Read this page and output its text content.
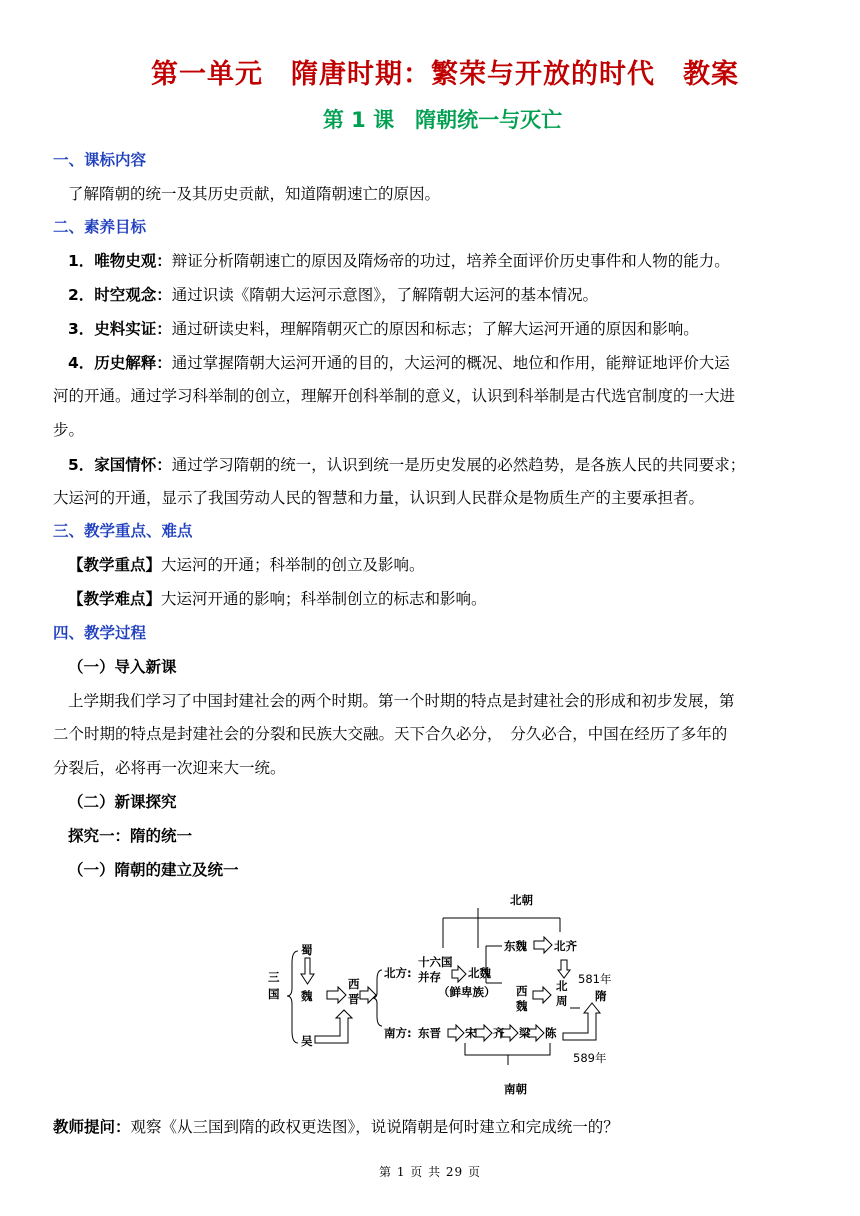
第一单元　隋唐时期：繁荣与开放的时代　教案
第 1 课　隋朝统一与灭亡
一、课标内容
了解隋朝的统一及其历史贡献，知道隋朝速亡的原因。
二、素养目标
1．唯物史观：辩证分析隋朝速亡的原因及隋炀帝的功过，培养全面评价历史事件和人物的能力。
2．时空观念：通过识读《隋朝大运河示意图》，了解隋朝大运河的基本情况。
3．史料实证：通过研读史料，理解隋朝灭亡的原因和标志；了解大运河开通的原因和影响。
4．历史解释：通过掌握隋朝大运河开通的目的，大运河的概况、地位和作用，能辩证地评价大运
河的开通。通过学习科举制的创立，理解开创科举制的意义，认识到科举制是古代选官制度的一大进
步。
5．家国情怀：通过学习隋朝的统一，认识到统一是历史发展的必然趋势，是各族人民的共同要求；
大运河的开通，显示了我国劳动人民的智慧和力量，认识到人民群众是物质生产的主要承担者。
三、教学重点、难点
【教学重点】大运河的开通；科举制的创立及影响。
【教学难点】大运河开通的影响；科举制创立的标志和影响。
四、教学过程
（一）导入新课
上学期我们学习了中国封建社会的两个时期。第一个时期的特点是封建社会的形成和初步发展，第
二个时期的特点是封建社会的分裂和民族大交融。天下合久必分，　分久必合，中国在经历了多年的
分裂后，必将再一次迎来大一统。
（二）新课探究
探究一：隋的统一
（一）隋朝的建立及统一
北朝
南朝
三
国
蜀
魏
吴
西
晋
北方:
十六国
并存 北魏
（鲜卑族）
东魏 北齐
西
魏
北
周 隋
581年
南方: 东晋 宋 齐 梁 陈
589年
教师提问：观察《从三国到隋的政权更迭图》，说说隋朝是何时建立和完成统一的？
第 1 页 共 29 页
